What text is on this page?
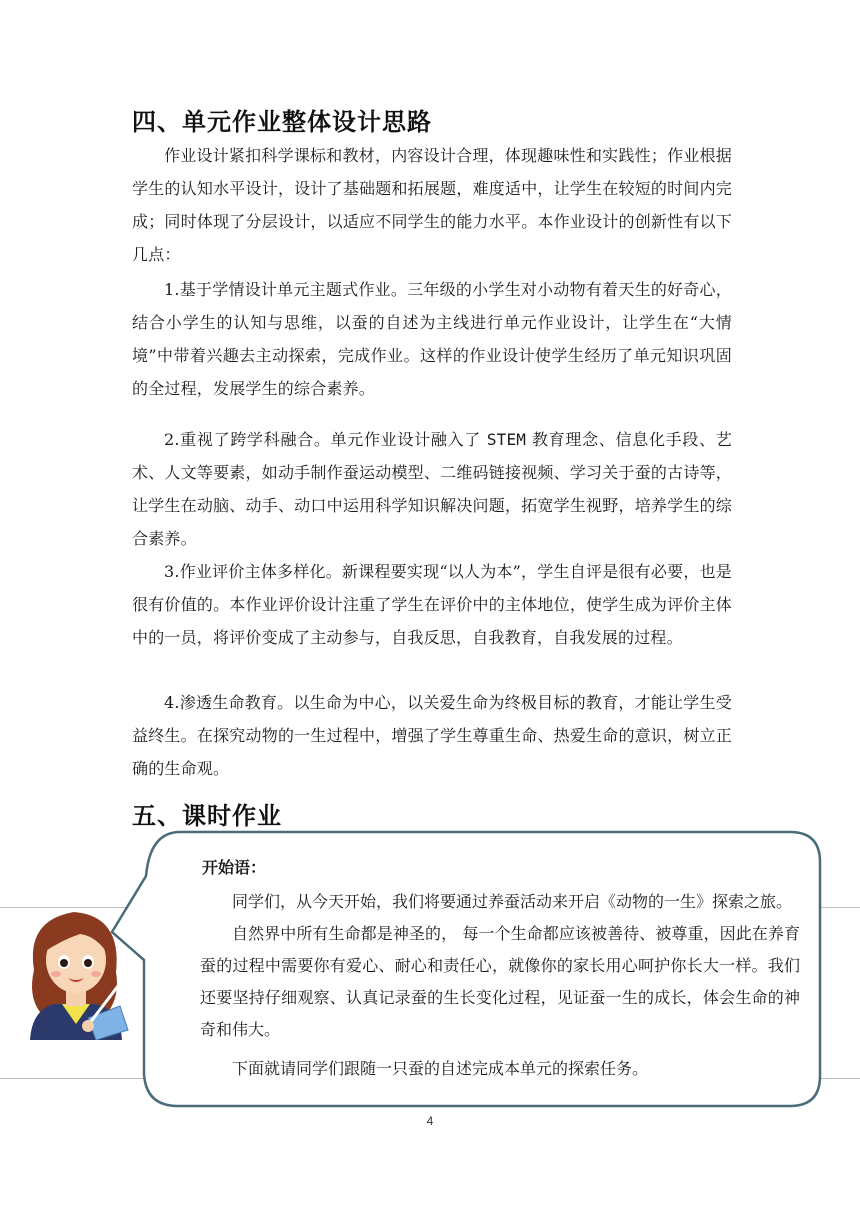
四、单元作业整体设计思路

作业设计紧扣科学课标和教材，内容设计合理，体现趣味性和实践性；作业根据学生的认知水平设计，设计了基础题和拓展题，难度适中，让学生在较短的时间内完成；同时体现了分层设计，以适应不同学生的能力水平。本作业设计的创新性有以下几点：

1.基于学情设计单元主题式作业。三年级的小学生对小动物有着天生的好奇心，结合小学生的认知与思维，以蚕的自述为主线进行单元作业设计，让学生在“大情境”中带着兴趣去主动探索，完成作业。这样的作业设计使学生经历了单元知识巩固的全过程，发展学生的综合素养。

2.重视了跨学科融合。单元作业设计融入了 STEM 教育理念、信息化手段、艺术、人文等要素，如动手制作蚕运动模型、二维码链接视频、学习关于蚕的古诗等，让学生在动脑、动手、动口中运用科学知识解决问题，拓宽学生视野，培养学生的综合素养。

3.作业评价主体多样化。新课程要实现“以人为本”，学生自评是很有必要，也是很有价值的。本作业评价设计注重了学生在评价中的主体地位，使学生成为评价主体中的一员，将评价变成了主动参与，自我反思，自我教育，自我发展的过程。

4.渗透生命教育。以生命为中心，以关爱生命为终极目标的教育，才能让学生受益终生。在探究动物的一生过程中，增强了学生尊重生命、热爱生命的意识，树立正确的生命观。

五、课时作业

开始语：

同学们，从今天开始，我们将要通过养蚕活动来开启《动物的一生》探索之旅。

自然界中所有生命都是神圣的， 每一个生命都应该被善待、被尊重，因此在养育蚕的过程中需要你有爱心、耐心和责任心，就像你的家长用心呵护你长大一样。我们还要坚持仔细观察、认真记录蚕的生长变化过程，见证蚕一生的成长，体会生命的神奇和伟大。

下面就请同学们跟随一只蚕的自述完成本单元的探索任务。

4
